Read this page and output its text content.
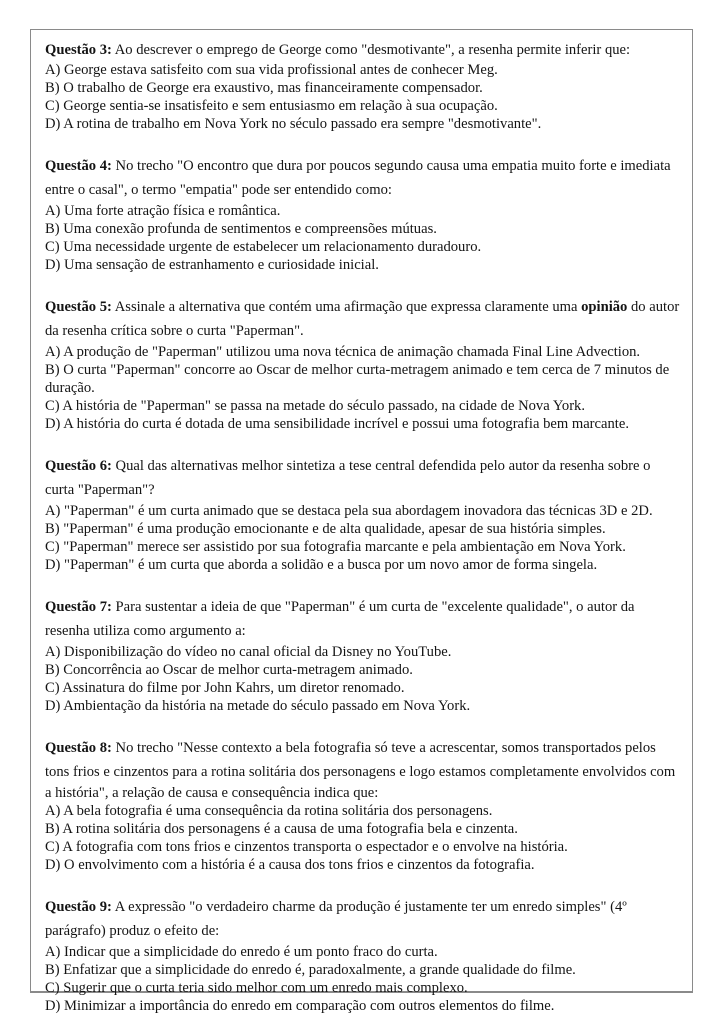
Questão 3: Ao descrever o emprego de George como "desmotivante", a resenha permite inferir que:
A) George estava satisfeito com sua vida profissional antes de conhecer Meg.
B) O trabalho de George era exaustivo, mas financeiramente compensador.
C) George sentia-se insatisfeito e sem entusiasmo em relação à sua ocupação.
D) A rotina de trabalho em Nova York no século passado era sempre "desmotivante".
Questão 4: No trecho "O encontro que dura por poucos segundo causa uma empatia muito forte e imediata
entre o casal", o termo "empatia" pode ser entendido como:
A) Uma forte atração física e romântica.
B) Uma conexão profunda de sentimentos e compreensões mútuas.
C) Uma necessidade urgente de estabelecer um relacionamento duradouro.
D) Uma sensação de estranhamento e curiosidade inicial.
Questão 5: Assinale a alternativa que contém uma afirmação que expressa claramente uma opinião do autor
da resenha crítica sobre o curta "Paperman".
A) A produção de "Paperman" utilizou uma nova técnica de animação chamada Final Line Advection.
B) O curta "Paperman" concorre ao Oscar de melhor curta-metragem animado e tem cerca de 7 minutos de
duração.
C) A história de "Paperman" se passa na metade do século passado, na cidade de Nova York.
D) A história do curta é dotada de uma sensibilidade incrível e possui uma fotografia bem marcante.
Questão 6: Qual das alternativas melhor sintetiza a tese central defendida pelo autor da resenha sobre o
curta "Paperman"?
A) "Paperman" é um curta animado que se destaca pela sua abordagem inovadora das técnicas 3D e 2D.
B) "Paperman" é uma produção emocionante e de alta qualidade, apesar de sua história simples.
C) "Paperman" merece ser assistido por sua fotografia marcante e pela ambientação em Nova York.
D) "Paperman" é um curta que aborda a solidão e a busca por um novo amor de forma singela.
Questão 7: Para sustentar a ideia de que "Paperman" é um curta de "excelente qualidade", o autor da
resenha utiliza como argumento a:
A) Disponibilização do vídeo no canal oficial da Disney no YouTube.
B) Concorrência ao Oscar de melhor curta-metragem animado.
C) Assinatura do filme por John Kahrs, um diretor renomado.
D) Ambientação da história na metade do século passado em Nova York.
Questão 8: No trecho "Nesse contexto a bela fotografia só teve a acrescentar, somos transportados pelos
tons frios e cinzentos para a rotina solitária dos personagens e logo estamos completamente envolvidos com
a história", a relação de causa e consequência indica que:
A) A bela fotografia é uma consequência da rotina solitária dos personagens.
B) A rotina solitária dos personagens é a causa de uma fotografia bela e cinzenta.
C) A fotografia com tons frios e cinzentos transporta o espectador e o envolve na história.
D) O envolvimento com a história é a causa dos tons frios e cinzentos da fotografia.
Questão 9: A expressão "o verdadeiro charme da produção é justamente ter um enredo simples" (4º
parágrafo) produz o efeito de:
A) Indicar que a simplicidade do enredo é um ponto fraco do curta.
B) Enfatizar que a simplicidade do enredo é, paradoxalmente, a grande qualidade do filme.
C) Sugerir que o curta teria sido melhor com um enredo mais complexo.
D) Minimizar a importância do enredo em comparação com outros elementos do filme.
